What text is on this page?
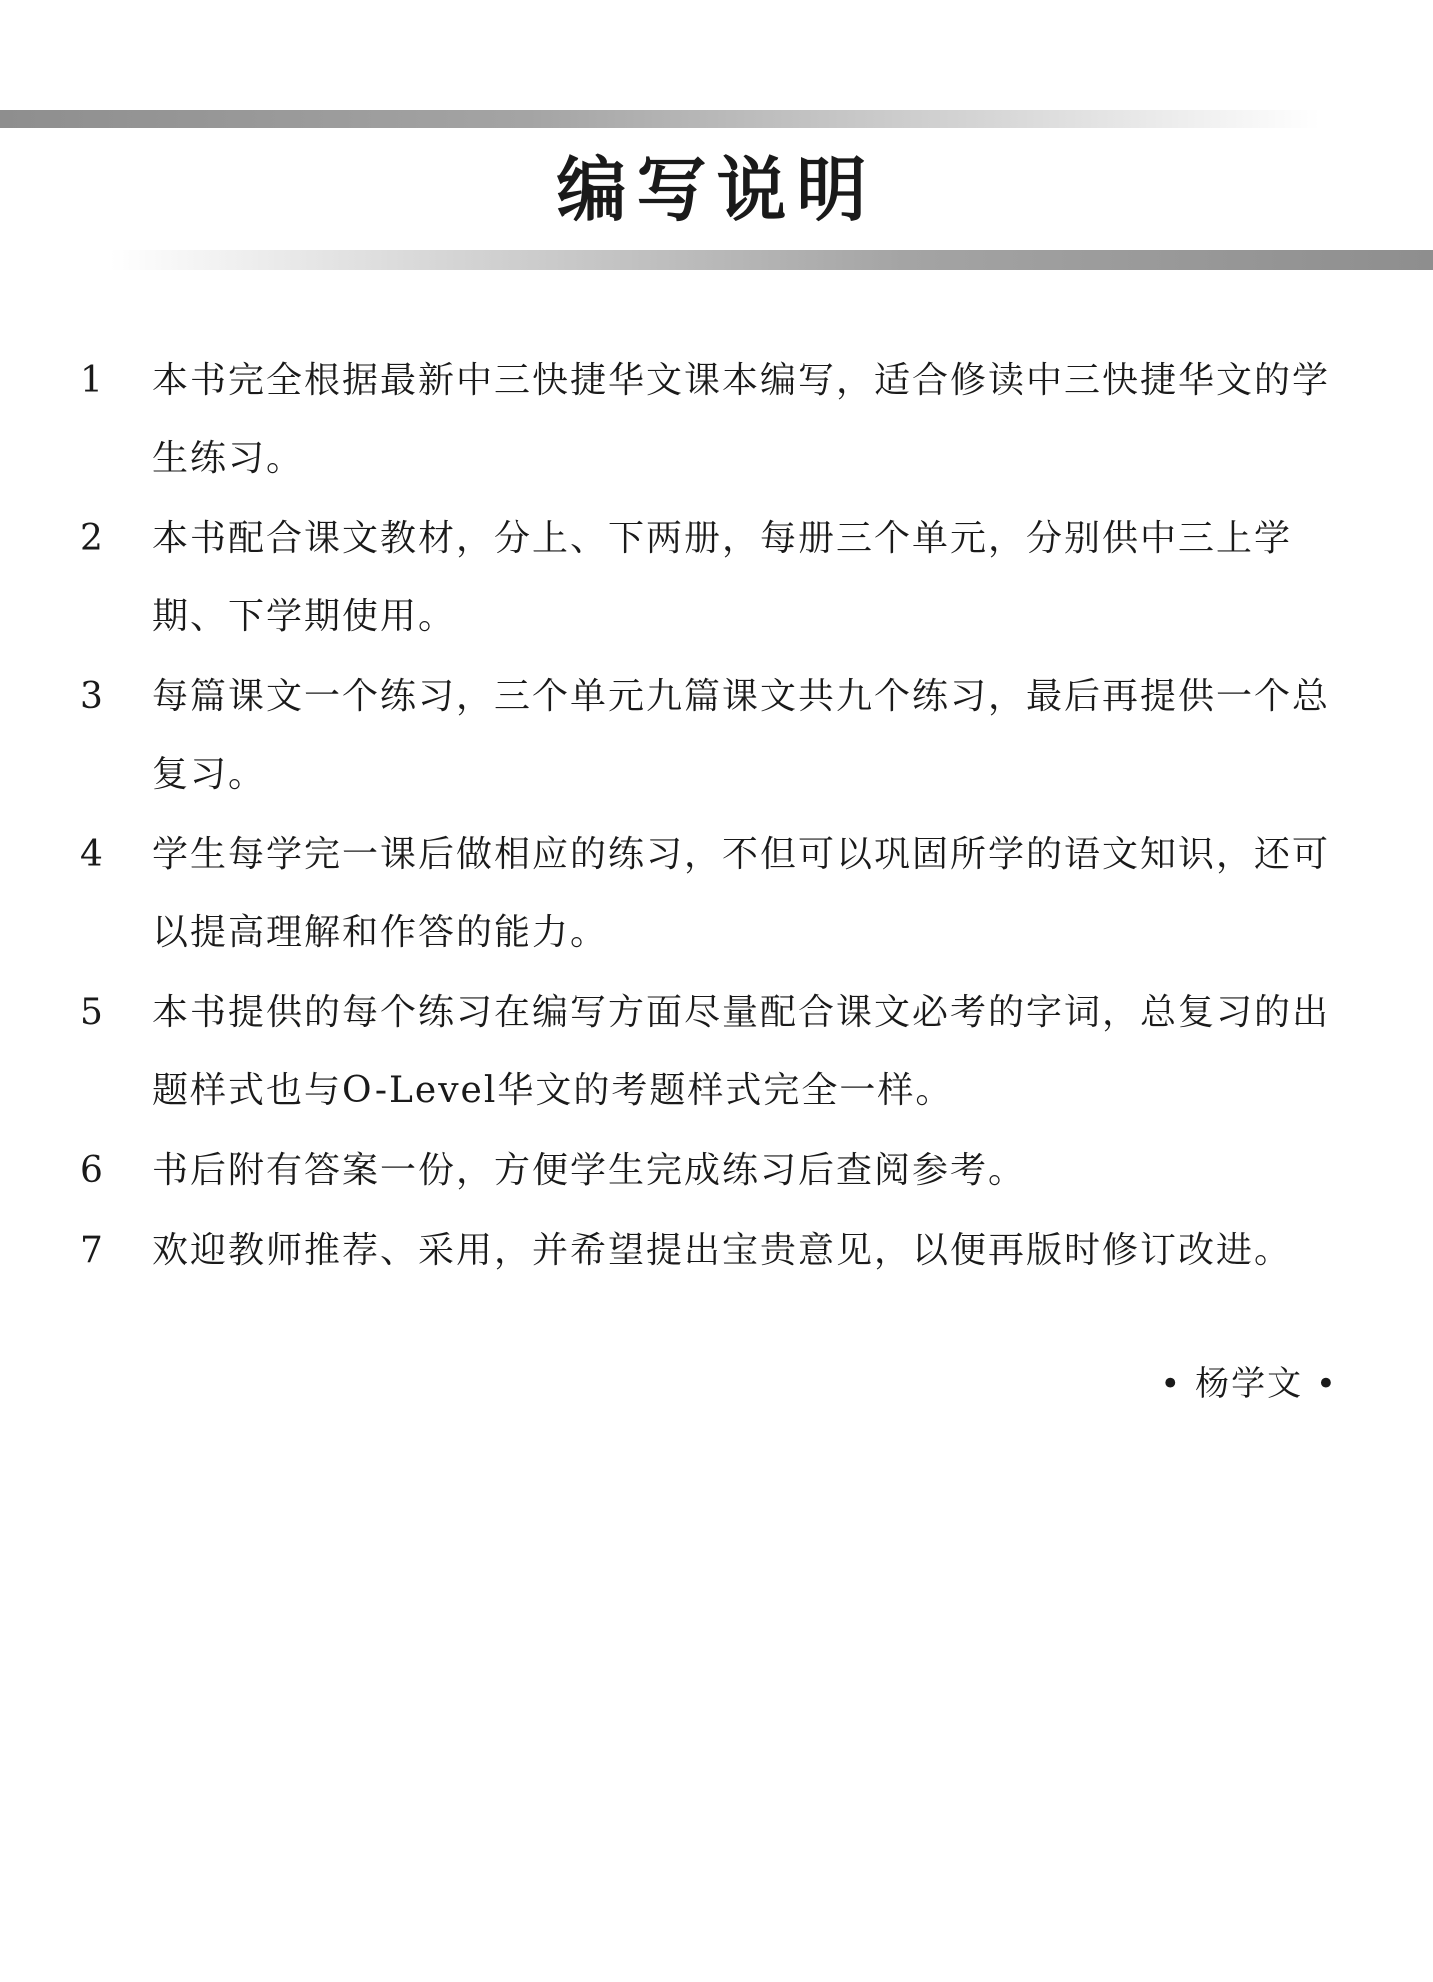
编写说明
1	本书完全根据最新中三快捷华文课本编写，适合修读中三快捷华文的学生练习。
2	本书配合课文教材，分上、下两册，每册三个单元，分别供中三上学期、下学期使用。
3	每篇课文一个练习，三个单元九篇课文共九个练习，最后再提供一个总复习。
4	学生每学完一课后做相应的练习，不但可以巩固所学的语文知识，还可以提高理解和作答的能力。
5	本书提供的每个练习在编写方面尽量配合课文必考的字词，总复习的出题样式也与O-Level华文的考题样式完全一样。
6	书后附有答案一份，方便学生完成练习后查阅参考。
7	欢迎教师推荐、采用，并希望提出宝贵意见，以便再版时修订改进。
• 杨学文 •
